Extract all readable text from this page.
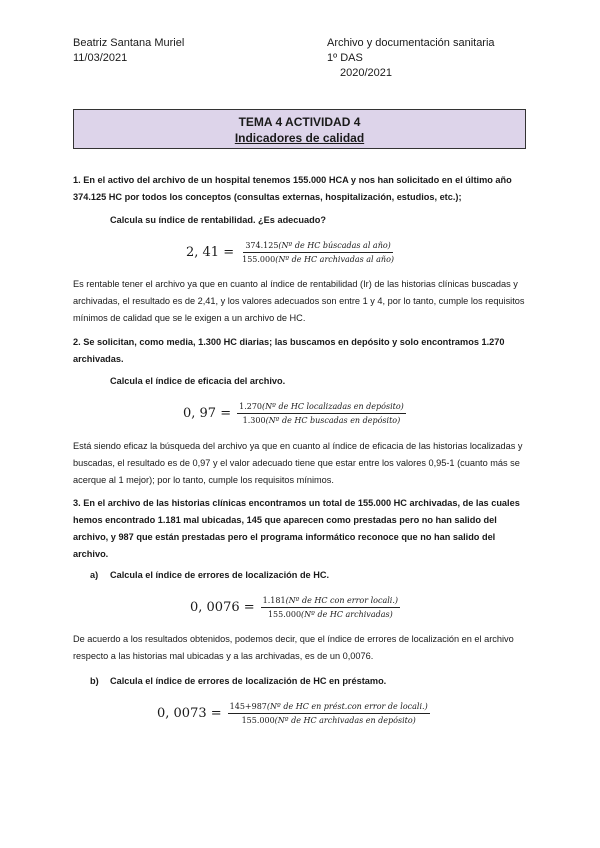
Beatriz Santana Muriel
11/03/2021
Archivo y documentación sanitaria
1º DAS
2020/2021
TEMA 4 ACTIVIDAD 4
Indicadores de calidad
1. En el activo del archivo de un hospital tenemos 155.000 HCA y nos han solicitado en el último año 374.125 HC por todos los conceptos (consultas externas, hospitalización, estudios, etc.);
Calcula su índice de rentabilidad. ¿Es adecuado?
2, $41 = \frac{\text{374.125(Nº de HC búscadas al año)}}{\text{155.000(Nº de HC archivadas al año)}}$
Es rentable tener el archivo ya que en cuanto al índice de rentabilidad (Ir) de las historias clínicas buscadas y archivadas, el resultado es de 2,41, y los valores adecuados son entre 1 y 4, por lo tanto, cumple los requisitos mínimos de calidad que se le exigen a un archivo de HC.
2. Se solicitan, como media, 1.300 HC diarias; las buscamos en depósito y solo encontramos 1.270 archivadas.
Calcula el índice de eficacia del archivo.
0, $97 = \frac{\text{1.270(Nº de HC localizadas en depósito)}}{\text{1.300(Nº de HC buscadas en depósito)}}$
Está siendo eficaz la búsqueda del archivo ya que en cuanto al índice de eficacia de las historias localizadas y buscadas, el resultado es de 0,97 y el valor adecuado tiene que estar entre los valores 0,95-1 (cuanto más se acerque al 1 mejor); por lo tanto, cumple los requisitos mínimos.
3. En el archivo de las historias clínicas encontramos un total de 155.000 HC archivadas, de las cuales hemos encontrado 1.181 mal ubicadas, 145 que aparecen como prestadas pero no han salido del archivo, y 987 que están prestadas pero el programa informático reconoce que no han salido del archivo.
a) Calcula el índice de errores de localización de HC.
0, $0076 = \frac{\text{1.181(Nº de HC con error locali.)}}{\text{155.000(Nº de HC archivadas)}}$
De acuerdo a los resultados obtenidos, podemos decir, que el índice de errores de localización en el archivo respecto a las historias mal ubicadas y a las archivadas, es de un 0,0076.
b) Calcula el índice de errores de localización de HC en préstamo.
0, $0073 = \frac{\text{145+987(Nº de HC en prést.con error de locali.)}}{\text{155.000(Nº de HC archivadas en depósito)}}$
